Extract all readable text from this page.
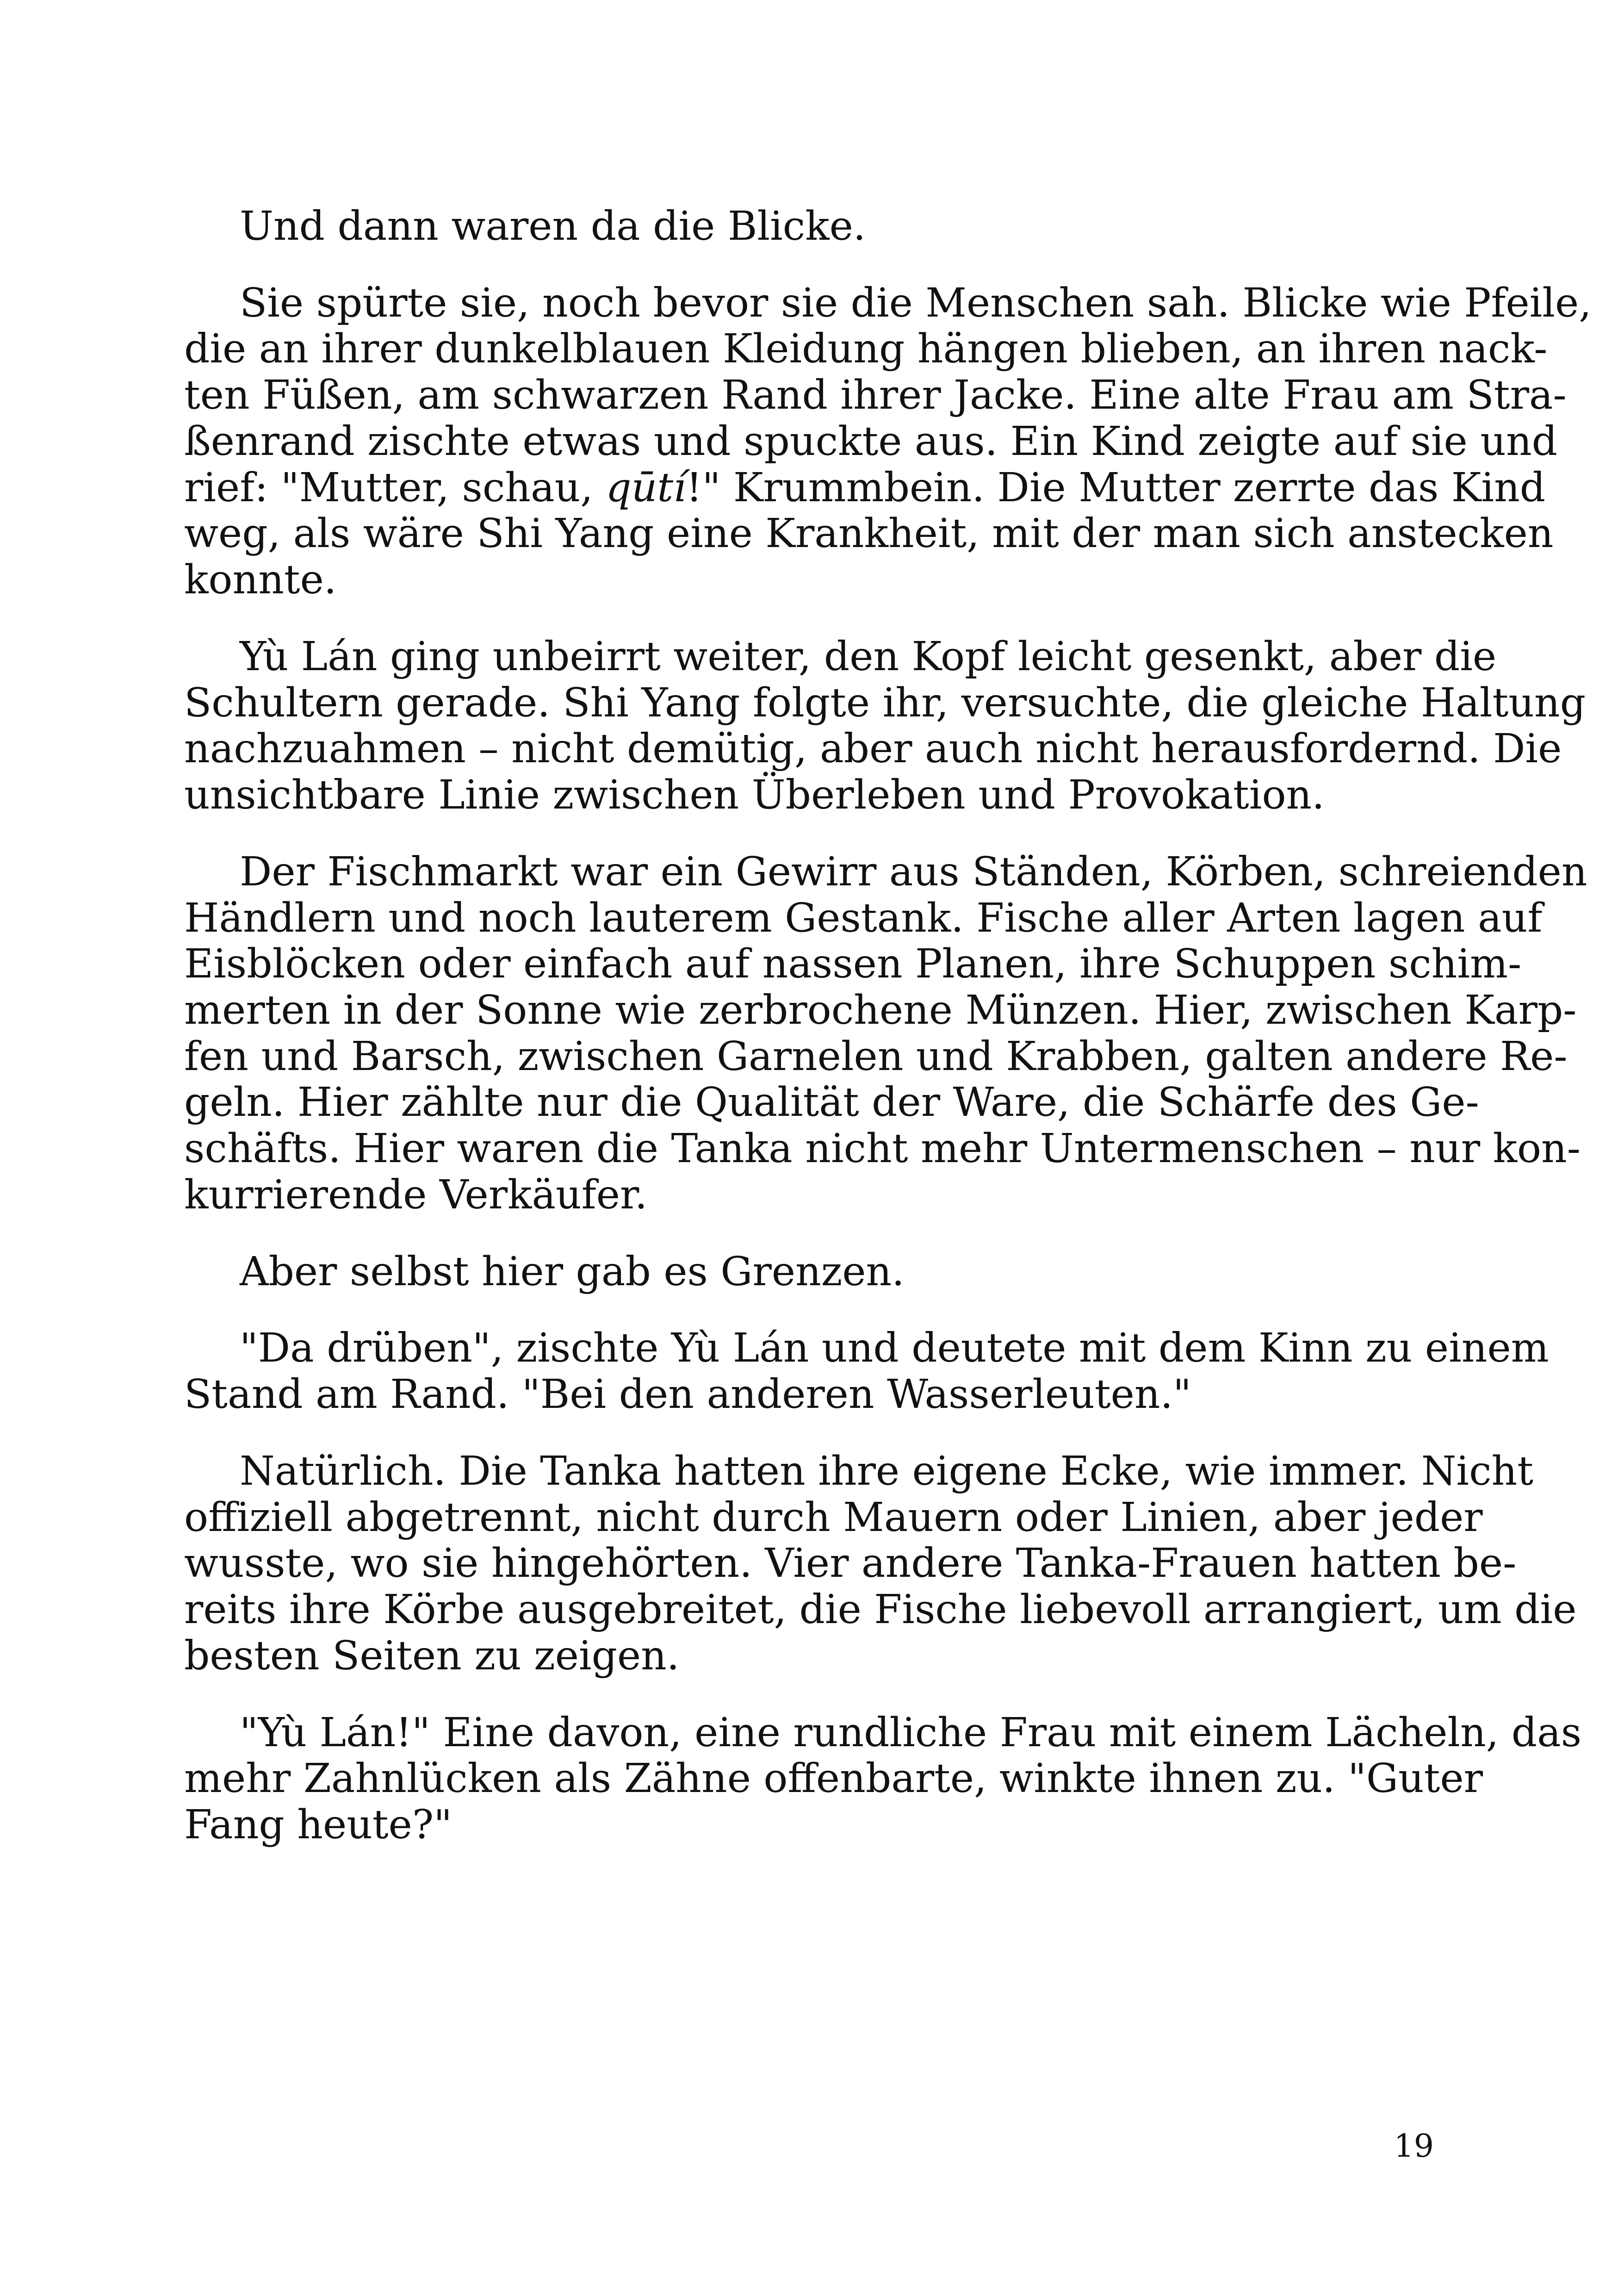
Und dann waren da die Blicke.

Sie spürte sie, noch bevor sie die Menschen sah. Blicke wie Pfeile,
die an ihrer dunkelblauen Kleidung hängen blieben, an ihren nack-
ten Füßen, am schwarzen Rand ihrer Jacke. Eine alte Frau am Stra-
ßenrand zischte etwas und spuckte aus. Ein Kind zeigte auf sie und
rief: "Mutter, schau, qūtí!" Krummbein. Die Mutter zerrte das Kind
weg, als wäre Shi Yang eine Krankheit, mit der man sich anstecken
konnte.

Yù Lán ging unbeirrt weiter, den Kopf leicht gesenkt, aber die
Schultern gerade. Shi Yang folgte ihr, versuchte, die gleiche Haltung
nachzuahmen – nicht demütig, aber auch nicht herausfordernd. Die
unsichtbare Linie zwischen Überleben und Provokation.

Der Fischmarkt war ein Gewirr aus Ständen, Körben, schreienden
Händlern und noch lauterem Gestank. Fische aller Arten lagen auf
Eisblöcken oder einfach auf nassen Planen, ihre Schuppen schim-
merten in der Sonne wie zerbrochene Münzen. Hier, zwischen Karp-
fen und Barsch, zwischen Garnelen und Krabben, galten andere Re-
geln. Hier zählte nur die Qualität der Ware, die Schärfe des Ge-
schäfts. Hier waren die Tanka nicht mehr Untermenschen – nur kon-
kurrierende Verkäufer.

Aber selbst hier gab es Grenzen.

"Da drüben", zischte Yù Lán und deutete mit dem Kinn zu einem
Stand am Rand. "Bei den anderen Wasserleuten."

Natürlich. Die Tanka hatten ihre eigene Ecke, wie immer. Nicht
offiziell abgetrennt, nicht durch Mauern oder Linien, aber jeder
wusste, wo sie hingehörten. Vier andere Tanka-Frauen hatten be-
reits ihre Körbe ausgebreitet, die Fische liebevoll arrangiert, um die
besten Seiten zu zeigen.

"Yù Lán!" Eine davon, eine rundliche Frau mit einem Lächeln, das
mehr Zahnlücken als Zähne offenbarte, winkte ihnen zu. "Guter
Fang heute?"

19
